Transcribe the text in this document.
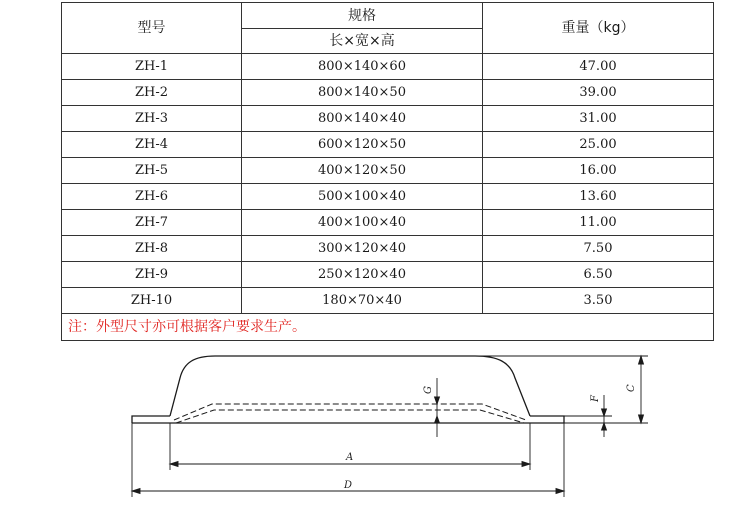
型号	规格	重量（kg）
	长×宽×高	
ZH-1	800×140×60	47.00
ZH-2	800×140×50	39.00
ZH-3	800×140×40	31.00
ZH-4	600×120×50	25.00
ZH-5	400×120×50	16.00
ZH-6	500×100×40	13.60
ZH-7	400×100×40	11.00
ZH-8	300×120×40	7.50
ZH-9	250×120×40	6.50
ZH-10	180×70×40	3.50
注：外型尺寸亦可根据客户要求生产。		
A
D
C
F
G
